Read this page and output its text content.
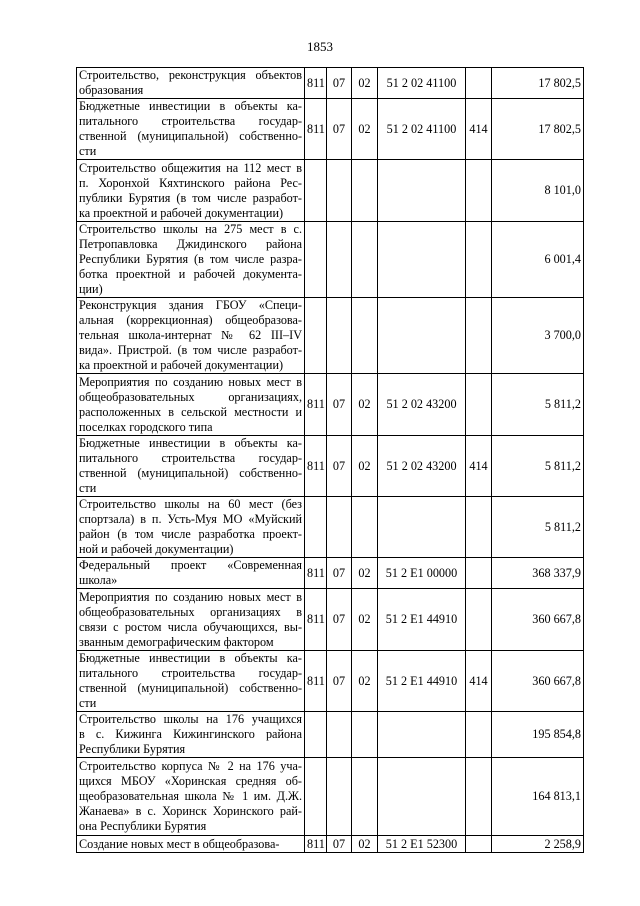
1853
Строительство, реконструкция объектов
образования	811	07	02	51 2 02 41100		17 802,5

Бюджетные инвестиции в объекты ка-
питального строительства государ-
ственной (муниципальной) собственно-
сти	811	07	02	51 2 02 41100	414	17 802,5

Строительство общежития на 112 мест в
п. Хоронхой Кяхтинского района Рес-
публики Бурятия (в том числе разработ-
ка проектной и рабочей документации)						8 101,0

Строительство школы на 275 мест в с.
Петропавловка Джидинского района
Республики Бурятия (в том числе разра-
ботка проектной и рабочей документа-
ции)						6 001,4

Реконструкция здания ГБОУ «Специ-
альная (коррекционная) общеобразова-
тельная школа-интернат № 62 III–IV
вида». Пристрой. (в том числе разработ-
ка проектной и рабочей документации)						3 700,0

Мероприятия по созданию новых мест в
общеобразовательных организациях,
расположенных в сельской местности и
поселках городского типа	811	07	02	51 2 02 43200		5 811,2

Бюджетные инвестиции в объекты ка-
питального строительства государ-
ственной (муниципальной) собственно-
сти	811	07	02	51 2 02 43200	414	5 811,2

Строительство школы на 60 мест (без
спортзала) в п. Усть-Муя МО «Муйский
район (в том числе разработка проект-
ной и рабочей документации)						5 811,2

Федеральный проект «Современная
школа»	811	07	02	51 2 E1 00000		368 337,9

Мероприятия по созданию новых мест в
общеобразовательных организациях в
связи с ростом числа обучающихся, вы-
званным демографическим фактором	811	07	02	51 2 E1 44910		360 667,8

Бюджетные инвестиции в объекты ка-
питального строительства государ-
ственной (муниципальной) собственно-
сти	811	07	02	51 2 E1 44910	414	360 667,8

Строительство школы на 176 учащихся
в с. Кижинга Кижингинского района
Республики Бурятия						195 854,8

Строительство корпуса № 2 на 176 уча-
щихся МБОУ «Хоринская средняя об-
щеобразовательная школа № 1 им. Д.Ж.
Жанаева» в с. Хоринск Хоринского рай-
она Республики Бурятия						164 813,1

Создание новых мест в общеобразова-	811	07	02	51 2 E1 52300		2 258,9
